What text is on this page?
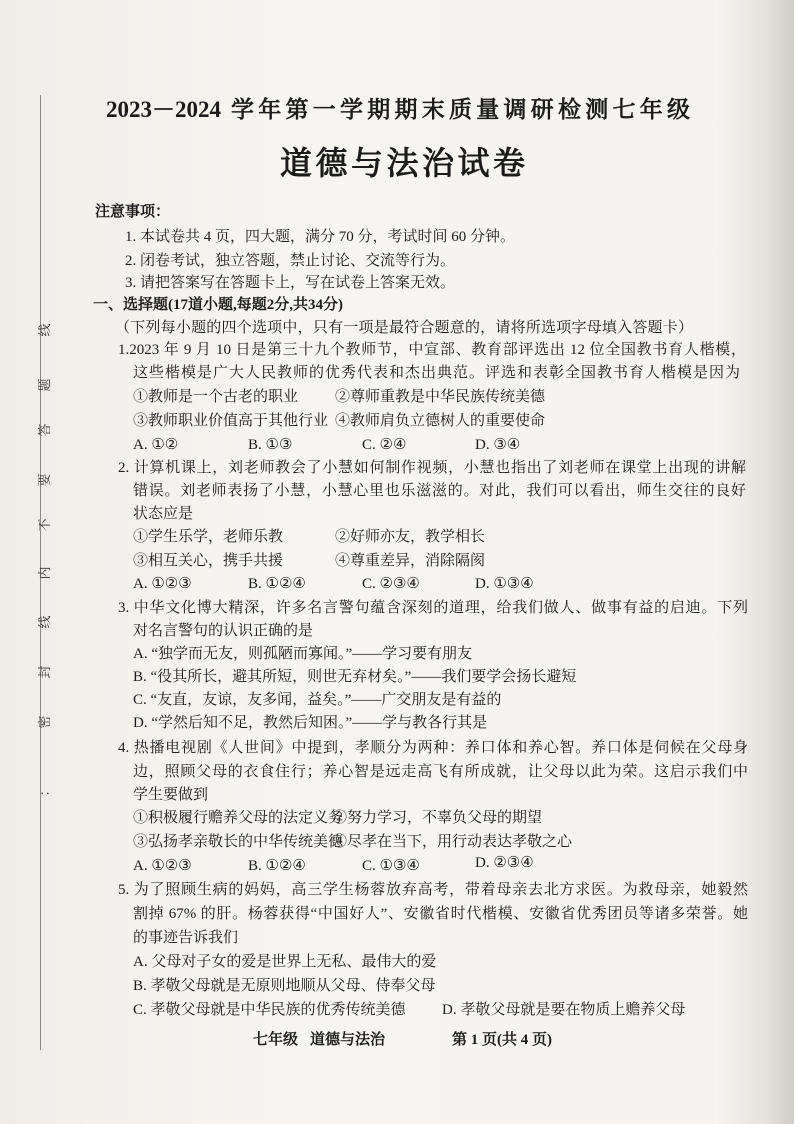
线
密
封
线
内
不
要
答
题
：
2023－2024 学年第一学期期末质量调研检测七年级
道德与法治试卷
注意事项：
1. 本试卷共 4 页，四大题，满分 70 分，考试时间 60 分钟。
2. 闭卷考试，独立答题，禁止讨论、交流等行为。
3. 请把答案写在答题卡上，写在试卷上答案无效。
一、选择题(17道小题,每题2分,共34分)
（下列每小题的四个选项中，只有一项是最符合题意的，请将所选项字母填入答题卡）
1.2023 年 9 月 10 日是第三十九个教师节，中宣部、教育部评选出 12 位全国教书育人楷模，
这些楷模是广大人民教师的优秀代表和杰出典范。评选和表彰全国教书育人楷模是因为
①教师是一个古老的职业 ②尊师重教是中华民族传统美德
③教师职业价值高于其他行业 ④教师肩负立德树人的重要使命
A. ①②	B. ①③	C. ②④	D. ③④
2. 计算机课上，刘老师教会了小慧如何制作视频，小慧也指出了刘老师在课堂上出现的讲解
错误。刘老师表扬了小慧，小慧心里也乐滋滋的。对此，我们可以看出，师生交往的良好
状态应是
①学生乐学，老师乐教	②好师亦友，教学相长
③相互关心，携手共援	④尊重差异，消除隔阂
A. ①②③	B. ①②④	C. ②③④	D. ①③④
3. 中华文化博大精深，许多名言警句蕴含深刻的道理，给我们做人、做事有益的启迪。下列
对名言警句的认识正确的是
A. “独学而无友，则孤陋而寡闻。”——学习要有朋友
B. “役其所长，避其所短，则世无弃材矣。”——我们要学会扬长避短
C. “友直，友谅，友多闻，益矣。”——广交朋友是有益的
D. “学然后知不足，教然后知困。”——学与教各行其是
4. 热播电视剧《人世间》中提到，孝顺分为两种：养口体和养心智。养口体是伺候在父母身
边，照顾父母的衣食住行；养心智是远走高飞有所成就，让父母以此为荣。这启示我们中
学生要做到
①积极履行赡养父母的法定义务
②努力学习，不辜负父母的期望
③弘扬孝亲敬长的中华传统美德
④尽孝在当下，用行动表达孝敬之心
A. ①②③	B. ①②④	C. ①③④	D. ②③④
5. 为了照顾生病的妈妈，高三学生杨蓉放弃高考，带着母亲去北方求医。为救母亲，她毅然
割掉 67% 的肝。杨蓉获得“中国好人”、安徽省时代楷模、安徽省优秀团员等诸多荣誉。她
的事迹告诉我们
A. 父母对子女的爱是世界上无私、最伟大的爱
B. 孝敬父母就是无原则地顺从父母、侍奉父母
C. 孝敬父母就是中华民族的优秀传统美德 D. 孝敬父母就是要在物质上赡养父母
七年级 道德与法治	第 1 页(共 4 页)
